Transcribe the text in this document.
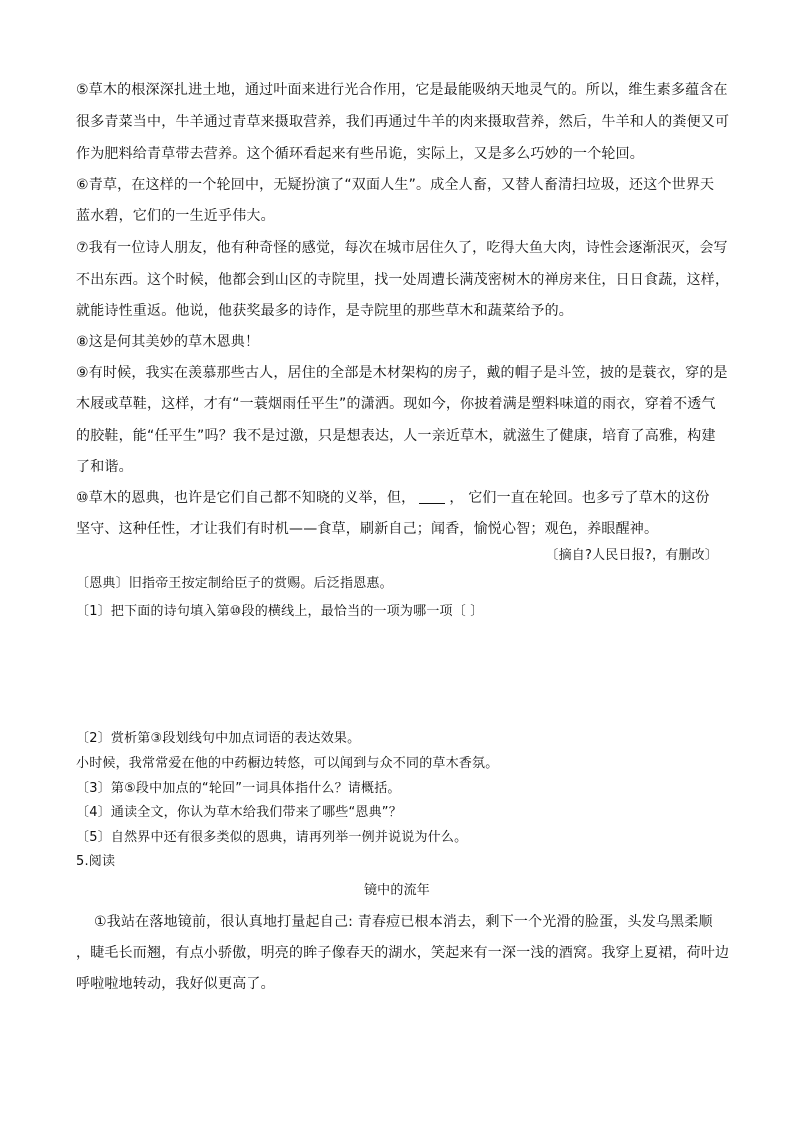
⑤草木的根深深扎进土地，通过叶面来进行光合作用，它是最能吸纳天地灵气的。所以，维生素多蕴含在
很多青菜当中，牛羊通过青草来摄取营养，我们再通过牛羊的肉来摄取营养，然后，牛羊和人的粪便又可
作为肥料给青草带去营养。这个循环看起来有些吊诡，实际上，又是多么巧妙的一个轮回。
⑥青草，在这样的一个轮回中，无疑扮演了“双面人生”。成全人畜，又替人畜清扫垃圾，还这个世界天
蓝水碧，它们的一生近乎伟大。
⑦我有一位诗人朋友，他有种奇怪的感觉，每次在城市居住久了，吃得大鱼大肉，诗性会逐渐泯灭，会写
不出东西。这个时候，他都会到山区的寺院里，找一处周遭长满茂密树木的禅房来住，日日食蔬，这样，
就能诗性重返。他说，他获奖最多的诗作，是寺院里的那些草木和蔬菜给予的。
⑧这是何其美妙的草木恩典！
⑨有时候，我实在羡慕那些古人，居住的全部是木材架构的房子，戴的帽子是斗笠，披的是蓑衣，穿的是
木屐或草鞋，这样，才有“一蓑烟雨任平生”的潇洒。现如今，你披着满是塑料味道的雨衣，穿着不透气
的胶鞋，能“任平生”吗？我不是过激，只是想表达，人一亲近草木，就滋生了健康，培育了高雅，构建
了和谐。
⑩草木的恩典，也许是它们自己都不知晓的义举，但， ， 它们一直在轮回。也多亏了草木的这份
坚守、这种任性，才让我们有时机——食草，刷新自己；闻香，愉悦心智；观色，养眼醒神。
〔摘自?人民日报?，有删改〕
〔恩典〕旧指帝王按定制给臣子的赏赐。后泛指恩惠。
〔1〕把下面的诗句填入第⑩段的横线上，最恰当的一项为哪一项〔 〕
〔2〕赏析第③段划线句中加点词语的表达效果。
小时候，我常常爱在他的中药橱边转悠，可以闻到与众不同的草木香氛。
〔3〕第⑤段中加点的“轮回”一词具体指什么？请概括。
〔4〕通读全文，你认为草木给我们带来了哪些“恩典”？
〔5〕自然界中还有很多类似的恩典，请再列举一例并说说为什么。
5.阅读
镜中的流年
①我站在落地镜前，很认真地打量起自己: 青春痘已根本消去，剩下一个光滑的脸蛋，头发乌黑柔顺
，睫毛长而翘，有点小骄傲，明亮的眸子像春天的湖水，笑起来有一深一浅的酒窝。我穿上夏裙，荷叶边
呼啦啦地转动，我好似更高了。
